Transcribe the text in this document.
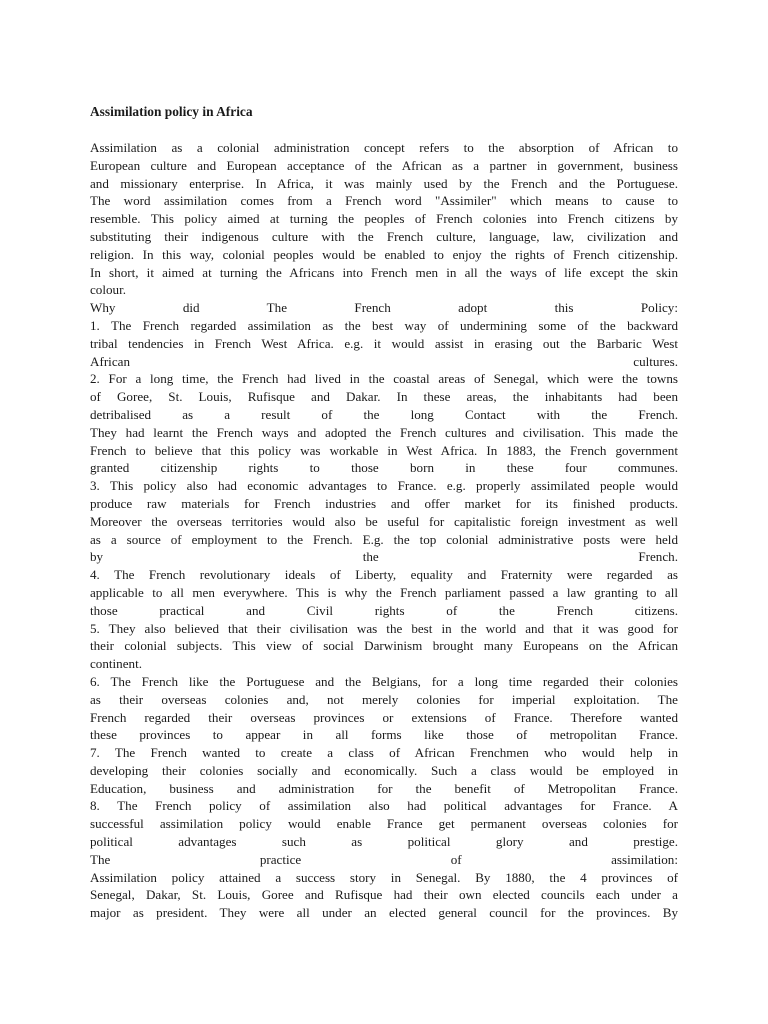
Assimilation policy in Africa
Assimilation as a colonial administration concept refers to the absorption of African to
European culture and European acceptance of the African as a partner in government, business
and missionary enterprise. In Africa, it was mainly used by the French and the Portuguese.
The word assimilation comes from a French word "Assimiler" which means to cause to
resemble. This policy aimed at turning the peoples of French colonies into French citizens by
substituting their indigenous culture with the French culture, language, law, civilization and
religion. In this way, colonial peoples would be enabled to enjoy the rights of French citizenship.
In short, it aimed at turning the Africans into French men in all the ways of life except the skin
colour.
Why did The French adopt this Policy:
1. The French regarded assimilation as the best way of undermining some of the backward
tribal tendencies in French West Africa. e.g. it would assist in erasing out the Barbaric West
African cultures.
2. For a long time, the French had lived in the coastal areas of Senegal, which were the towns
of Goree, St. Louis, Rufisque and Dakar. In these areas, the inhabitants had been
detribalised as a result of the long Contact with the French.
They had learnt the French ways and adopted the French cultures and civilisation. This made the
French to believe that this policy was workable in West Africa. In 1883, the French government
granted citizenship rights to those born in these four communes.
3. This policy also had economic advantages to France. e.g. properly assimilated people would
produce raw materials for French industries and offer market for its finished products.
Moreover the overseas territories would also be useful for capitalistic foreign investment as well
as a source of employment to the French. E.g. the top colonial administrative posts were held
by the French.
4. The French revolutionary ideals of Liberty, equality and Fraternity were regarded as
applicable to all men everywhere. This is why the French parliament passed a law granting to all
those practical and Civil rights of the French citizens.
5. They also believed that their civilisation was the best in the world and that it was good for
their colonial subjects. This view of social Darwinism brought many Europeans on the African
continent.
6. The French like the Portuguese and the Belgians, for a long time regarded their colonies
as their overseas colonies and, not merely colonies for imperial exploitation. The
French regarded their overseas provinces or extensions of France. Therefore wanted
these provinces to appear in all forms like those of metropolitan France.
7. The French wanted to create a class of African Frenchmen who would help in
developing their colonies socially and economically. Such a class would be employed in
Education, business and administration for the benefit of Metropolitan France.
8. The French policy of assimilation also had political advantages for France. A
successful assimilation policy would enable France get permanent overseas colonies for
political advantages such as political glory and prestige.
The practice of assimilation:
Assimilation policy attained a success story in Senegal. By 1880, the 4 provinces of
Senegal, Dakar, St. Louis, Goree and Rufisque had their own elected councils each under a
major as president. They were all under an elected general council for the provinces. By
